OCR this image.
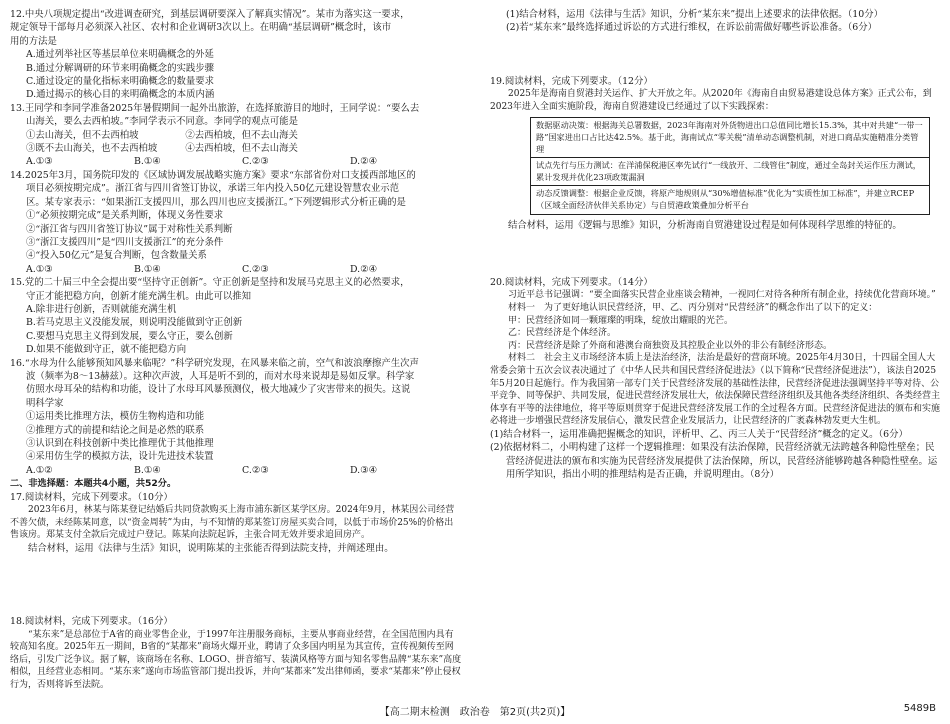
12.中央八项规定提出“改进调查研究，到基层调研要深入了解真实情况”。某市为落实这一要求，

规定领导干部每月必须深入社区、农村和企业调研3次以上。在明确“基层调研”概念时，该市

用的方法是

A.通过列举社区等基层单位来明确概念的外延

B.通过分解调研的环节来明确概念的实践步骤

C.通过设定的量化指标来明确概念的数量要求

D.通过揭示的核心目的来明确概念的本质内涵

13.王同学和李同学准备2025年暑假期间一起外出旅游，在选择旅游目的地时，王同学说：“要么去

山海关，要么去西柏坡。”李同学表示不同意。李同学的观点可能是

①去山海关，但不去西柏坡　　　　　②去西柏坡，但不去山海关

③既不去山海关，也不去西柏坡　　　④去西柏坡，但不去山海关

A.①③	B.①④	C.②③	D.②④

14.2025年3月，国务院印发的《区域协调发展战略实施方案》要求“东部省份对口支援西部地区的

项目必须按期完成”。浙江省与四川省签订协议，承诺三年内投入50亿元建设智慧农业示范

区。某专家表示：“如果浙江支援四川，那么四川也应支援浙江。”下列逻辑形式分析正确的是

①“必须按期完成”是关系判断，体现义务性要求

②“浙江省与四川省签订协议”属于对称性关系判断

③“浙江支援四川”是“四川支援浙江”的充分条件

④“投入50亿元”是复合判断，包含数量关系

A.①③	B.①④	C.②③	D.②④

15.党的二十届三中全会提出要“坚持守正创新”。守正创新是坚持和发展马克思主义的必然要求，

守正才能把稳方向，创新才能充满生机。由此可以推知

A.除非进行创新，否则就能充满生机

B.若马克思主义没能发展，则说明没能做到守正创新

C.要想马克思主义得到发展，要么守正，要么创新

D.如果不能做到守正，就不能把稳方向

16.“水母为什么能够预知风暴来临呢？”科学研究发现，在风暴来临之前，空气和波浪摩擦产生次声

波（频率为8～13赫兹）。这种次声波，人耳是听不到的，而对水母来说却是易如反掌。科学家

仿照水母耳朵的结构和功能，设计了水母耳风暴预测仪，极大地减少了灾害带来的损失。这说

明科学家

①运用类比推理方法，模仿生物构造和功能

②推理方式的前提和结论之间是必然的联系

③认识到在科技创新中类比推理优于其他推理

④采用仿生学的模拟方法，设计先进技术装置

A.①②	B.①④	C.②③	D.③④

二、非选择题：本题共4小题，共52分。

17.阅读材料，完成下列要求。（10分）

2023年6月，林某与陈某登记结婚后共同贷款购买上海市浦东新区某学区房。2024年9月，林某因公司经营不善欠债，未经陈某同意，以“资金周转”为由，与不知情的郑某签订房屋买卖合同，以低于市场价25%的价格出售该房。郑某支付全款后完成过户登记。陈某向法院起诉，主张合同无效并要求追回房产。

结合材料，运用《法律与生活》知识，说明陈某的主张能否得到法院支持，并阐述理由。

18.阅读材料，完成下列要求。（16分）

“某东来”是总部位于A省的商业零售企业，于1997年注册服务商标，主要从事商业经营，在全国范围内具有较高知名度。2025年五一期间，B省的“某都来”商场火爆开业，聘请了众多国内明星为其宣传，宣传视频传至网络后，引发广泛争议。据了解，该商场在名称、LOGO、拼音缩写、装潢风格等方面与知名零售品牌“某东来”高度相似，且经营业态相同。“某东来”遂向市场监管部门提出投诉，并向“某都来”发出律师函，要求“某都来”停止侵权行为，否则将诉至法院。

(1)结合材料，运用《法律与生活》知识，分析“某东来”提出上述要求的法律依据。（10分）

(2)若“某东来”最终选择通过诉讼的方式进行维权，在诉讼前需做好哪些诉讼准备。（6分）

19.阅读材料，完成下列要求。（12分）

2025年是海南自贸港封关运作、扩大开放之年。从2020年《海南自由贸易港建设总体方案》正式公布，到2023年进入全面实施阶段，海南自贸港建设已经通过了以下实践探索：

数据驱动决策：根据海关总署数据，2023年海南对外货物进出口总值同比增长15.3%，其中对共建“一带一路”国家进出口占比达42.5%。基于此，海南试点“零关税”清单动态调整机制，对进口商品实施精准分类管理
试点先行与压力测试：在洋浦保税港区率先试行“一线放开、二线管住”制度，通过全岛封关运作压力测试，累计发现并优化23项政策漏洞
动态反馈调整：根据企业反馈，将原产地规则从“30%增值标准”优化为“实质性加工标准”，并建立RCEP（区域全面经济伙伴关系协定）与自贸港政策叠加分析平台

结合材料，运用《逻辑与思维》知识，分析海南自贸港建设过程是如何体现科学思维的特征的。

20.阅读材料，完成下列要求。（14分）

习近平总书记强调：“要全面落实民营企业座谈会精神，一视同仁对待各种所有制企业，持续优化营商环境。”

材料一　为了更好地认识民营经济，甲、乙、丙分别对“民营经济”的概念作出了以下的定义：

甲：民营经济如同一颗璀璨的明珠，绽放出耀眼的光芒。

乙：民营经济是个体经济。

丙：民营经济是除了外商和港澳台商独资及其控股企业以外的非公有制经济形态。

材料二　社会主义市场经济本质上是法治经济，法治是最好的营商环境。2025年4月30日，十四届全国人大常委会第十五次会议表决通过了《中华人民共和国民营经济促进法》（以下简称“民营经济促进法”），该法自2025年5月20日起施行。作为我国第一部专门关于民营经济发展的基础性法律，民营经济促进法强调坚持平等对待、公平竞争、同等保护、共同发展，促进民营经济发展壮大，依法保障民营经济组织及其他各类经济组织、各类经营主体享有平等的法律地位，将平等原则贯穿于促进民营经济发展工作的全过程各方面。民营经济促进法的颁布和实施必将进一步增强民营经济发展信心，激发民营企业发展活力，让民营经济的广袤森林勃发更大生机。

(1)结合材料一，运用准确把握概念的知识，评析甲、乙、丙三人关于“民营经济”概念的定义。（6分）

(2)依据材料二，小明构建了这样一个逻辑推理：如果没有法治保障，民营经济就无法跨越各种隐性壁垒；民营经济促进法的颁布和实施为民营经济发展提供了法治保障，所以，民营经济能够跨越各种隐性壁垒。运用所学知识，指出小明的推理结构是否正确，并说明理由。（8分）

【高二期末检测　政治卷　第2页(共2页)】	5489B
